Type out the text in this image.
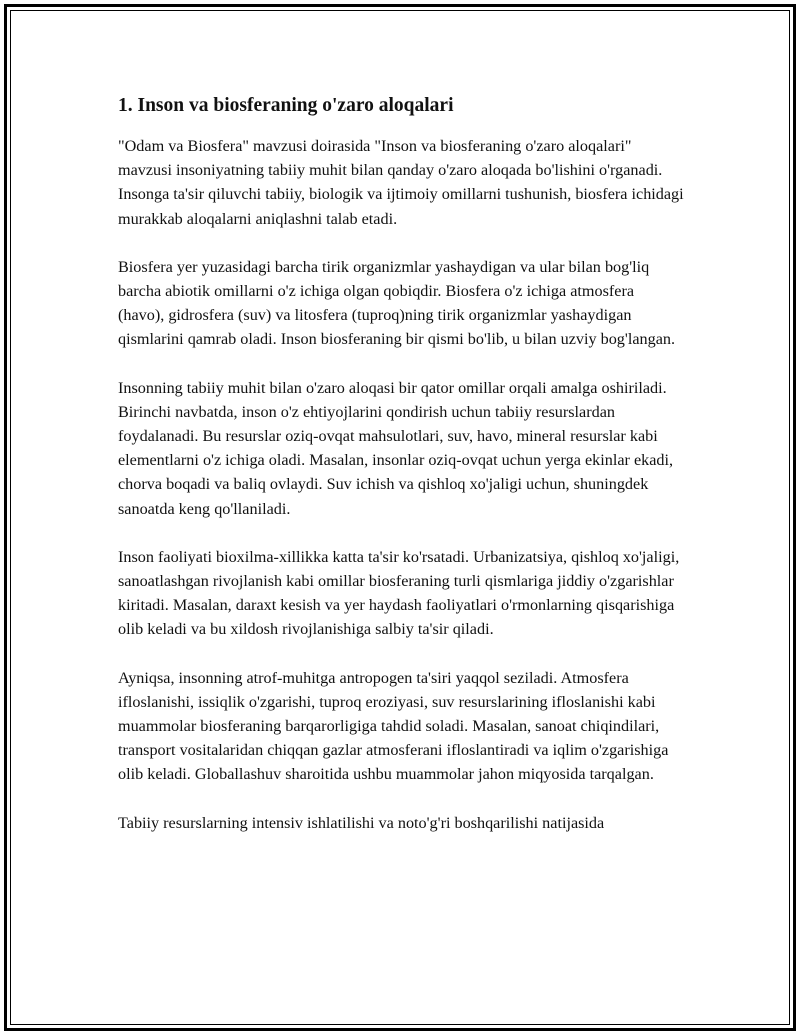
1. Inson va biosferaning o'zaro aloqalari

"Odam va Biosfera" mavzusi doirasida "Inson va biosferaning o'zaro aloqalari" mavzusi insoniyatning tabiiy muhit bilan qanday o'zaro aloqada bo'lishini o'rganadi. Insonga ta'sir qiluvchi tabiiy, biologik va ijtimoiy omillarni tushunish, biosfera ichidagi murakkab aloqalarni aniqlashni talab etadi.

Biosfera yer yuzasidagi barcha tirik organizmlar yashaydigan va ular bilan bog'liq barcha abiotik omillarni o'z ichiga olgan qobiqdir. Biosfera o'z ichiga atmosfera (havo), gidrosfera (suv) va litosfera (tuproq)ning tirik organizmlar yashaydigan qismlarini qamrab oladi. Inson biosferaning bir qismi bo'lib, u bilan uzviy bog'langan.

Insonning tabiiy muhit bilan o'zaro aloqasi bir qator omillar orqali amalga oshiriladi. Birinchi navbatda, inson o'z ehtiyojlarini qondirish uchun tabiiy resurslardan foydalanadi. Bu resurslar oziq-ovqat mahsulotlari, suv, havo, mineral resurslar kabi elementlarni o'z ichiga oladi. Masalan, insonlar oziq-ovqat uchun yerga ekinlar ekadi, chorva boqadi va baliq ovlaydi. Suv ichish va qishloq xo'jaligi uchun, shuningdek sanoatda keng qo'llaniladi.

Inson faoliyati bioxilma-xillikka katta ta'sir ko'rsatadi. Urbanizatsiya, qishloq xo'jaligi, sanoatlashgan rivojlanish kabi omillar biosferaning turli qismlariga jiddiy o'zgarishlar kiritadi. Masalan, daraxt kesish va yer haydash faoliyatlari o'rmonlarning qisqarishiga olib keladi va bu xildosh rivojlanishiga salbiy ta'sir qiladi.

Ayniqsa, insonning atrof-muhitga antropogen ta'siri yaqqol seziladi. Atmosfera ifloslanishi, issiqlik o'zgarishi, tuproq eroziyasi, suv resurslarining ifloslanishi kabi muammolar biosferaning barqarorligiga tahdid soladi. Masalan, sanoat chiqindilari, transport vositalaridan chiqqan gazlar atmosferani ifloslantiradi va iqlim o'zgarishiga olib keladi. Globallashuv sharoitida ushbu muammolar jahon miqyosida tarqalgan.

Tabiiy resurslarning intensiv ishlatilishi va noto'g'ri boshqarilishi natijasida
